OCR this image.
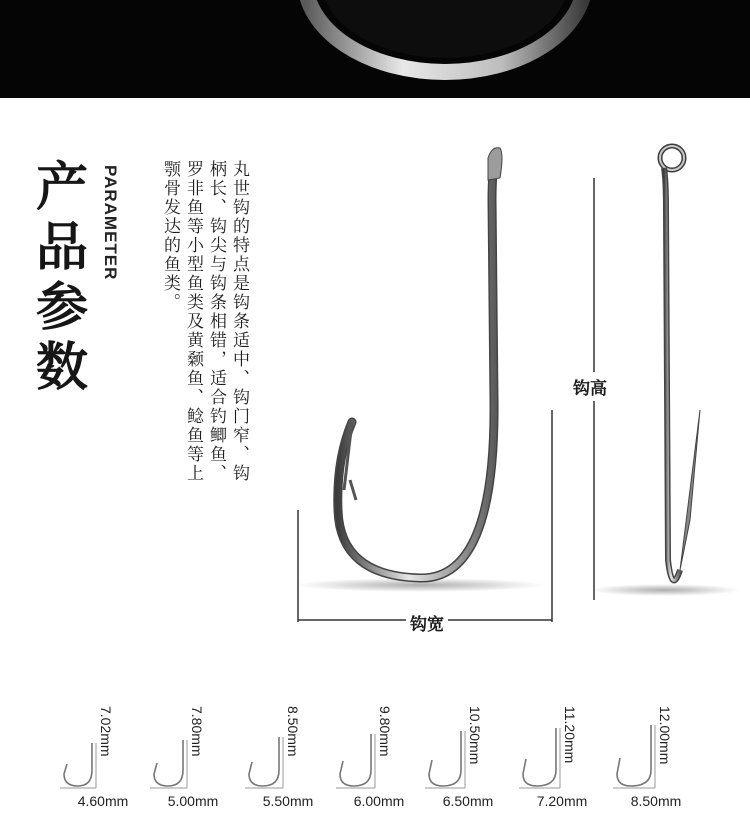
产品参数
PARAMETER	丸世钩的特点是钩条适中、钩门窄、钩柄长、钩尖与钩条相错，适合钓鲫鱼、罗非鱼等小型鱼类及黄颡鱼、鲶鱼等上颚骨发达的鱼类。
钩高
钩宽
7.02mm
4.60mm
7.80mm
5.00mm
8.50mm
5.50mm
9.80mm
6.00mm
10.50mm
6.50mm
11.20mm
7.20mm
12.00mm
8.50mm
